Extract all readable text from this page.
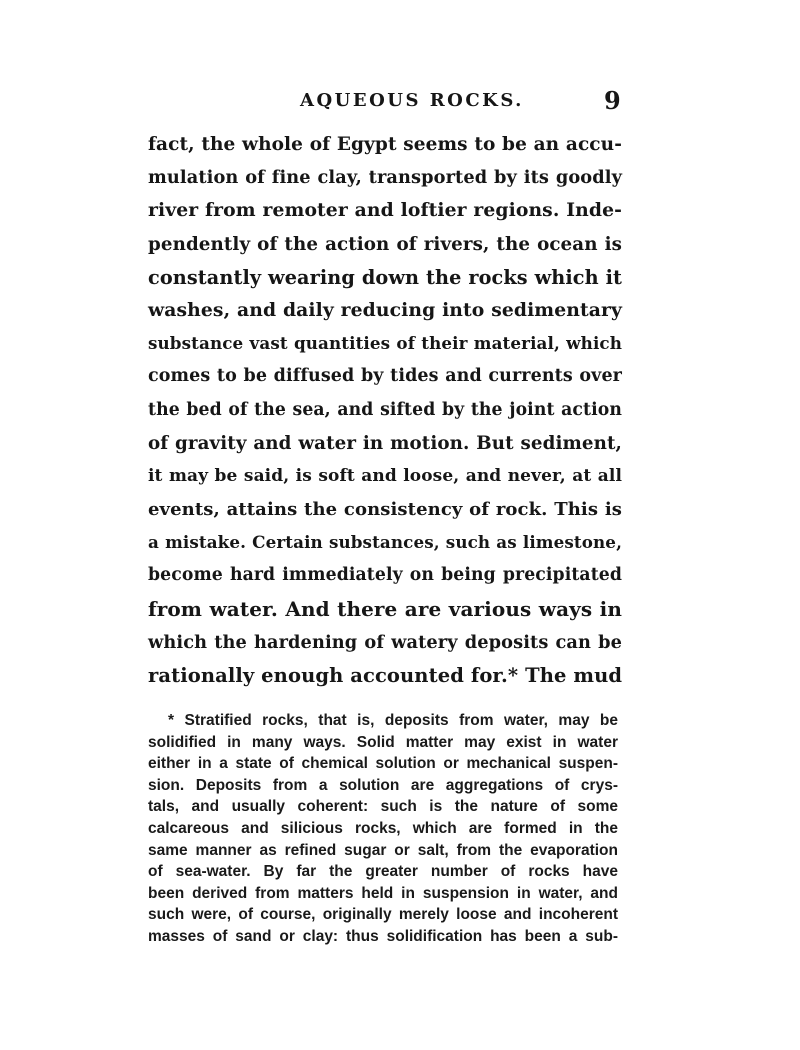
AQUEOUS ROCKS.	9
fact, the whole of Egypt seems to be an accu-
mulation of fine clay, transported by its goodly
river from remoter and loftier regions. Inde-
pendently of the action of rivers, the ocean is
constantly wearing down the rocks which it
washes, and daily reducing into sedimentary
substance vast quantities of their material, which
comes to be diffused by tides and currents over
the bed of the sea, and sifted by the joint action
of gravity and water in motion. But sediment,
it may be said, is soft and loose, and never, at all
events, attains the consistency of rock. This is
a mistake. Certain substances, such as limestone,
become hard immediately on being precipitated
from water. And there are various ways in
which the hardening of watery deposits can be
rationally enough accounted for.* The mud
* Stratified rocks, that is, deposits from water, may be
solidified in many ways. Solid matter may exist in water
either in a state of chemical solution or mechanical suspen-
sion. Deposits from a solution are aggregations of crys-
tals, and usually coherent: such is the nature of some
calcareous and silicious rocks, which are formed in the
same manner as refined sugar or salt, from the evaporation
of sea-water. By far the greater number of rocks have
been derived from matters held in suspension in water, and
such were, of course, originally merely loose and incoherent
masses of sand or clay: thus solidification has been a sub-
